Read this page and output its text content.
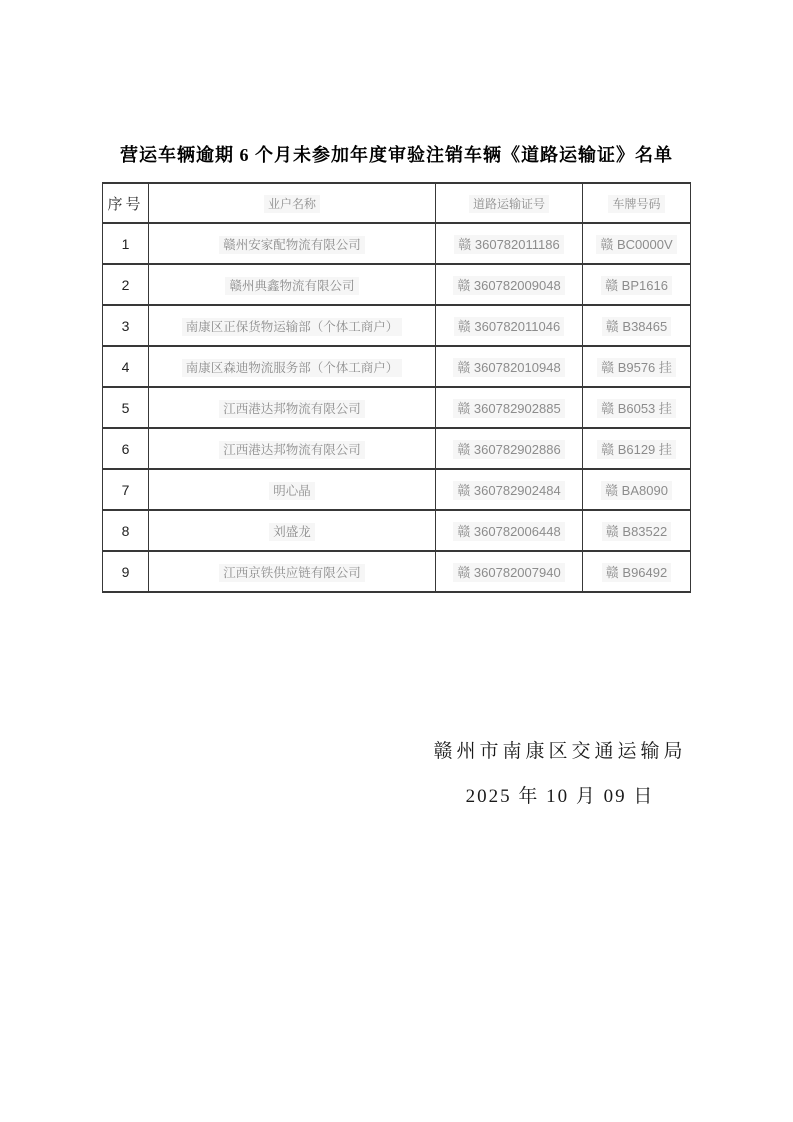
营运车辆逾期 6 个月未参加年度审验注销车辆《道路运输证》名单
序号	业户名称	道路运输证号	车牌号码
1	赣州安家配物流有限公司	赣 360782011186	赣 BC0000V
2	赣州典鑫物流有限公司	赣 360782009048	赣 BP1616
3	南康区正保货物运输部（个体工商户）	赣 360782011046	赣 B38465
4	南康区森迪物流服务部（个体工商户）	赣 360782010948	赣 B9576 挂
5	江西港达邦物流有限公司	赣 360782902885	赣 B6053 挂
6	江西港达邦物流有限公司	赣 360782902886	赣 B6129 挂
7	明心晶	赣 360782902484	赣 BA8090
8	刘盛龙	赣 360782006448	赣 B83522
9	江西京铁供应链有限公司	赣 360782007940	赣 B96492
赣州市南康区交通运输局
2025 年 10 月 09 日
